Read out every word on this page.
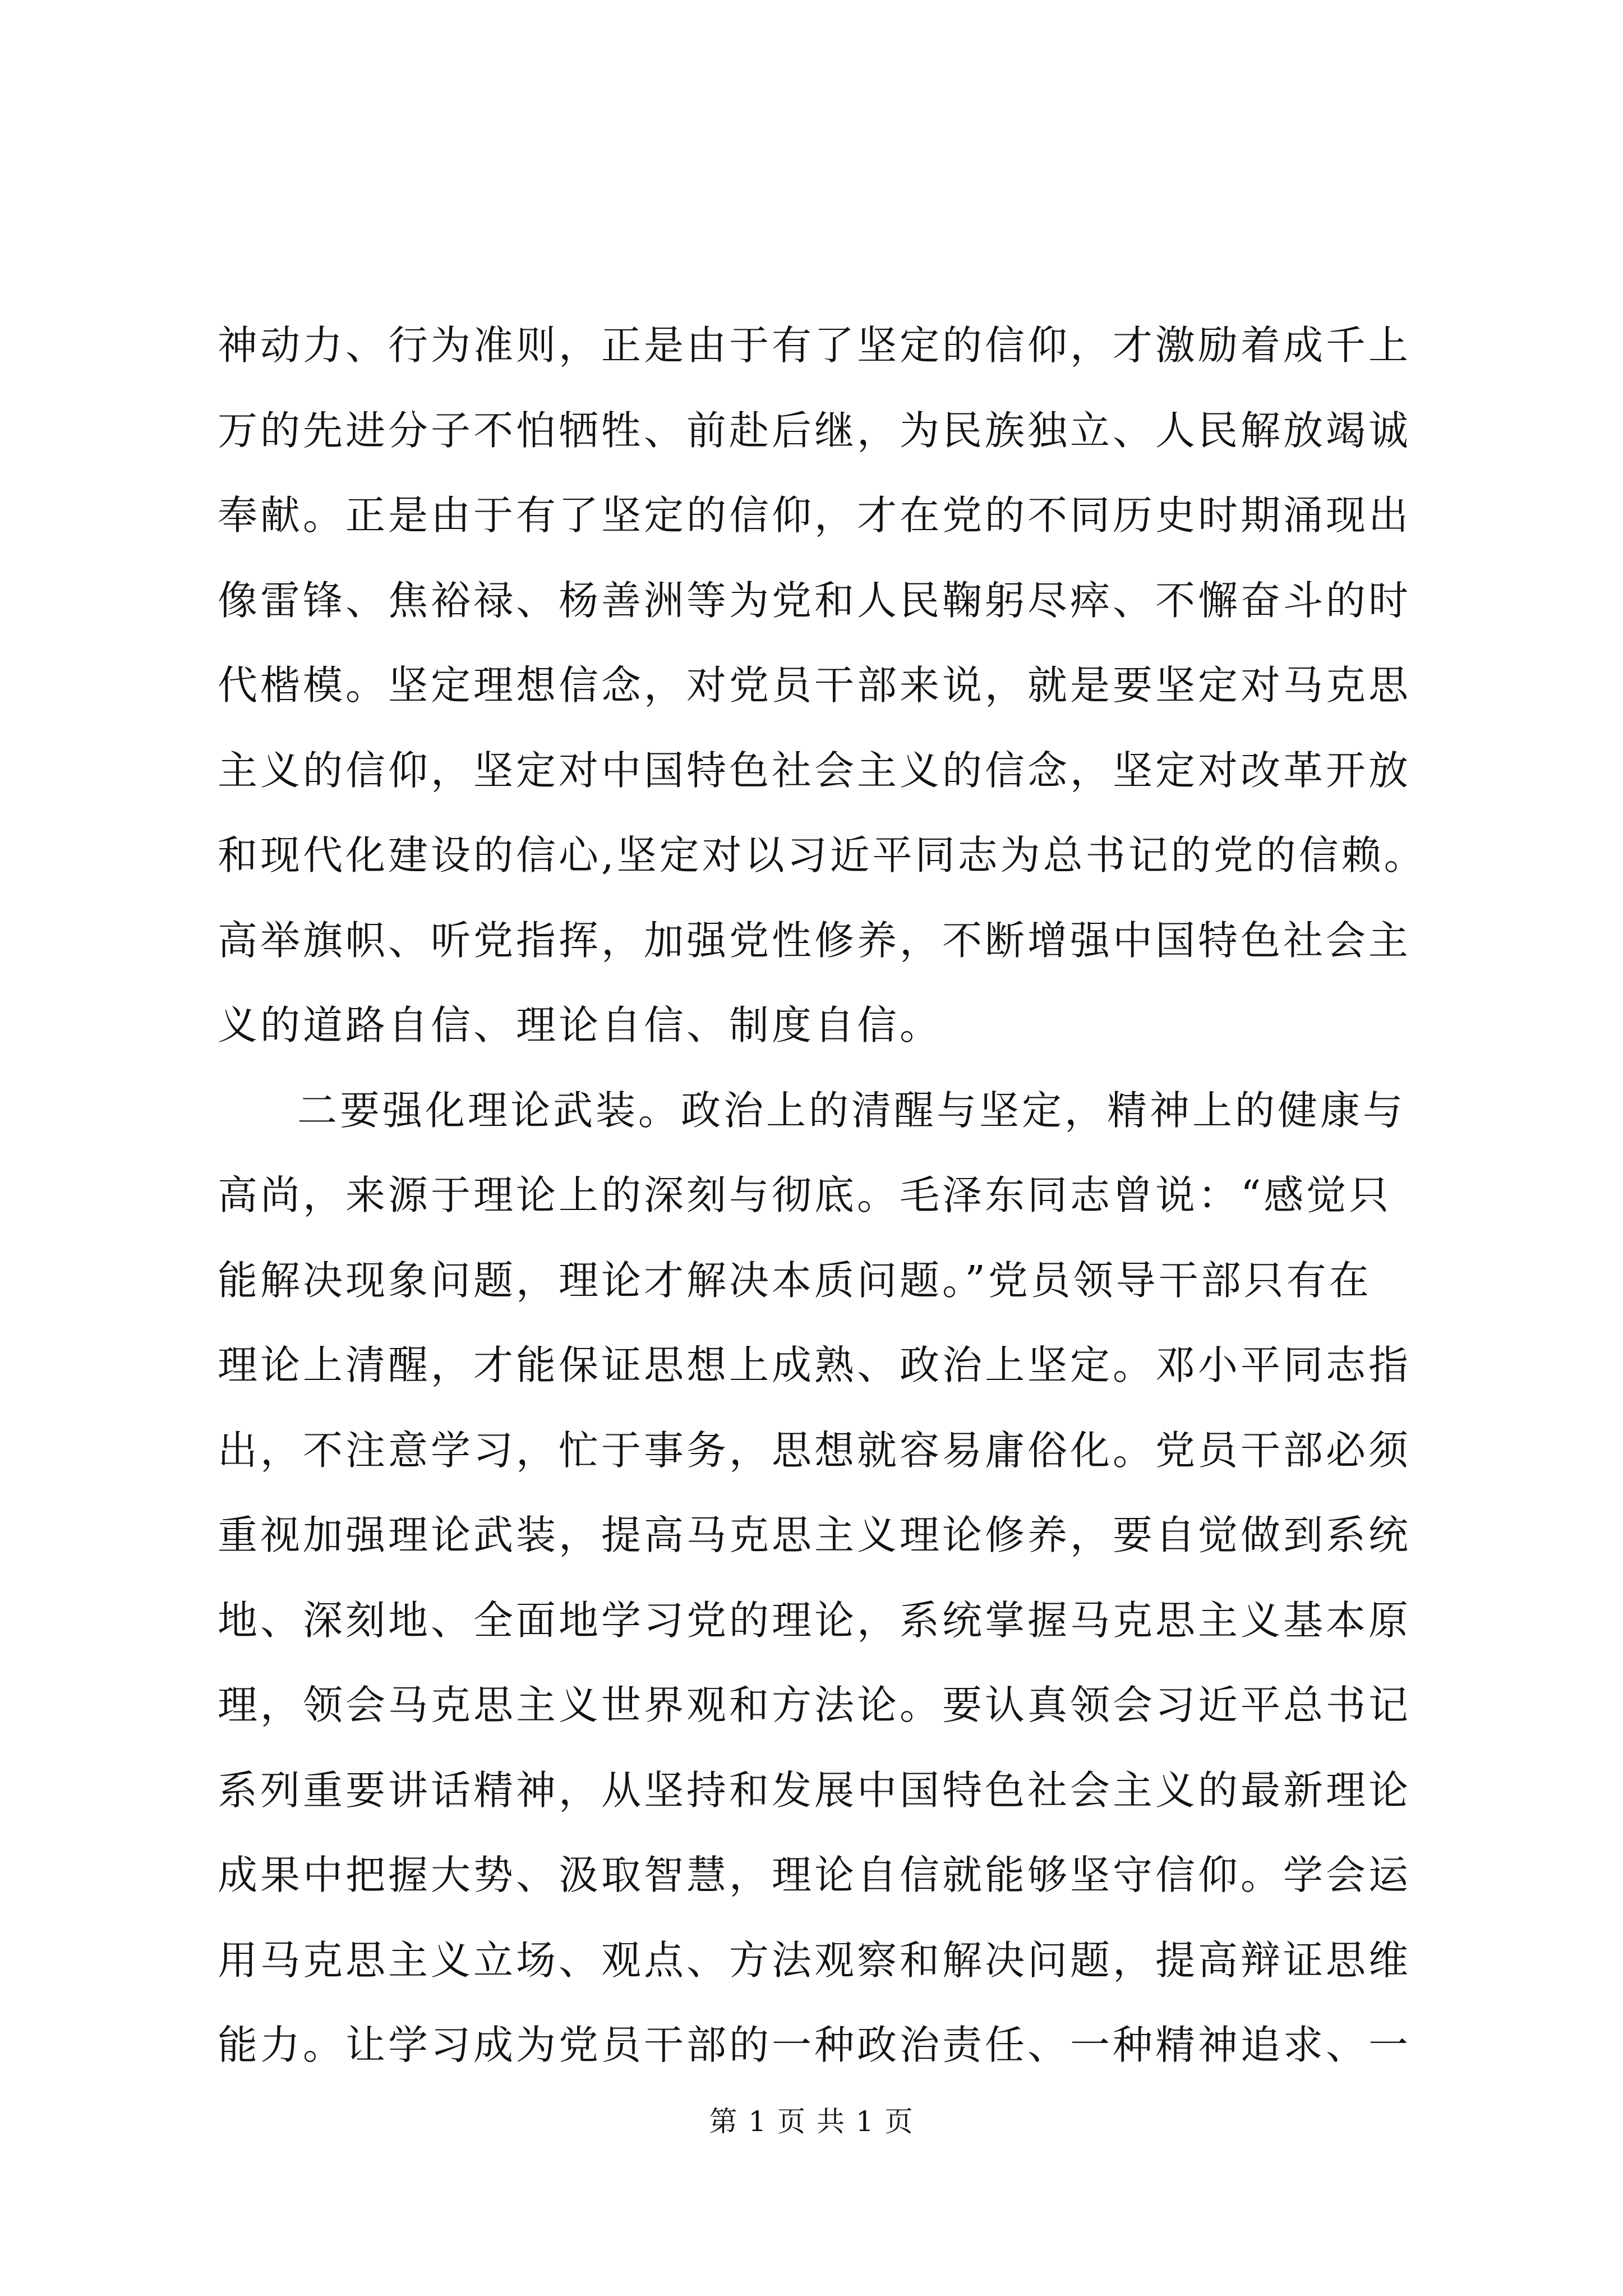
神动力、行为准则，正是由于有了坚定的信仰，才激励着成千上
万的先进分子不怕牺牲、前赴后继，为民族独立、人民解放竭诚
奉献。正是由于有了坚定的信仰，才在党的不同历史时期涌现出
像雷锋、焦裕禄、杨善洲等为党和人民鞠躬尽瘁、不懈奋斗的时
代楷模。坚定理想信念，对党员干部来说，就是要坚定对马克思
主义的信仰，坚定对中国特色社会主义的信念，坚定对改革开放
和现代化建设的信心,坚定对以习近平同志为总书记的党的信赖。
高举旗帜、听党指挥，加强党性修养，不断增强中国特色社会主
义的道路自信、理论自信、制度自信。
二要强化理论武装。政治上的清醒与坚定，精神上的健康与
高尚，来源于理论上的深刻与彻底。毛泽东同志曾说：“感觉只
能解决现象问题，理论才解决本质问题。”党员领导干部只有在
理论上清醒，才能保证思想上成熟、政治上坚定。邓小平同志指
出，不注意学习，忙于事务，思想就容易庸俗化。党员干部必须
重视加强理论武装，提高马克思主义理论修养，要自觉做到系统
地、深刻地、全面地学习党的理论，系统掌握马克思主义基本原
理，领会马克思主义世界观和方法论。要认真领会习近平总书记
系列重要讲话精神，从坚持和发展中国特色社会主义的最新理论
成果中把握大势、汲取智慧，理论自信就能够坚守信仰。学会运
用马克思主义立场、观点、方法观察和解决问题，提高辩证思维
能力。让学习成为党员干部的一种政治责任、一种精神追求、一
第 1 页 共 1 页
